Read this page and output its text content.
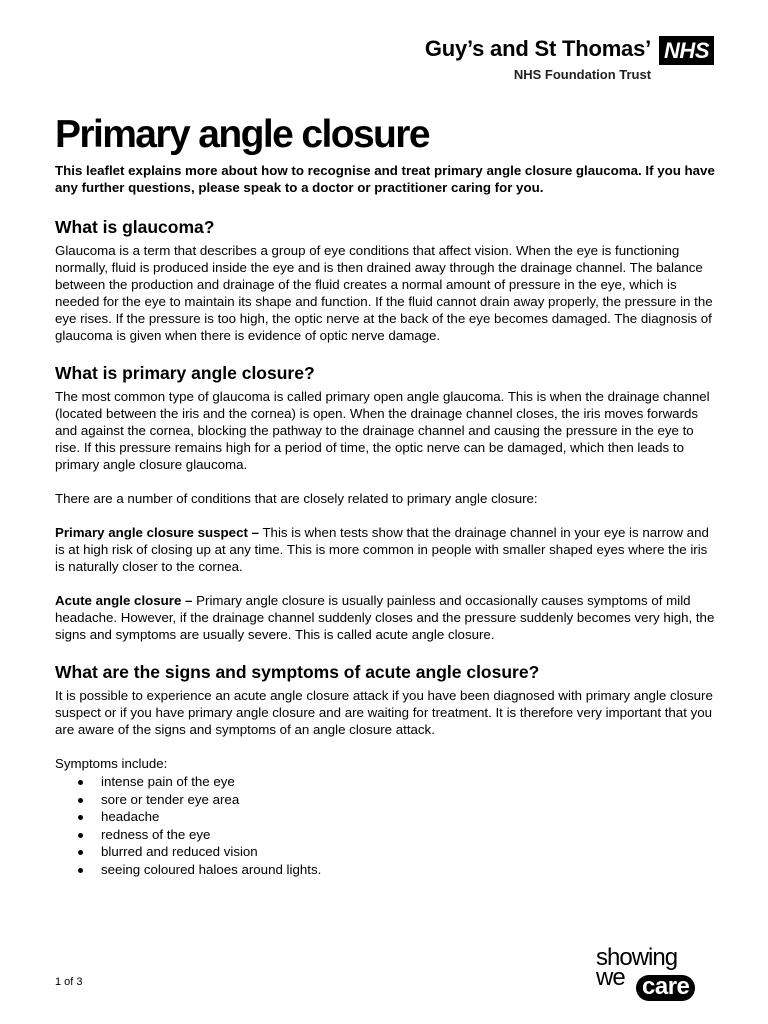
Guy’s and St Thomas’
NHS Foundation Trust
NHS
Primary angle closure

This leaflet explains more about how to recognise and treat primary angle closure glaucoma. If you have any further questions, please speak to a doctor or practitioner caring for you.

What is glaucoma?

Glaucoma is a term that describes a group of eye conditions that affect vision. When the eye is functioning normally, fluid is produced inside the eye and is then drained away through the drainage channel. The balance between the production and drainage of the fluid creates a normal amount of pressure in the eye, which is needed for the eye to maintain its shape and function. If the fluid cannot drain away properly, the pressure in the eye rises. If the pressure is too high, the optic nerve at the back of the eye becomes damaged. The diagnosis of glaucoma is given when there is evidence of optic nerve damage.

What is primary angle closure?

The most common type of glaucoma is called primary open angle glaucoma. This is when the drainage channel (located between the iris and the cornea) is open. When the drainage channel closes, the iris moves forwards and against the cornea, blocking the pathway to the drainage channel and causing the pressure in the eye to rise. If this pressure remains high for a period of time, the optic nerve can be damaged, which then leads to primary angle closure glaucoma.

There are a number of conditions that are closely related to primary angle closure:

Primary angle closure suspect – This is when tests show that the drainage channel in your eye is narrow and is at high risk of closing up at any time. This is more common in people with smaller shaped eyes where the iris is naturally closer to the cornea.

Acute angle closure – Primary angle closure is usually painless and occasionally causes symptoms of mild headache. However, if the drainage channel suddenly closes and the pressure suddenly becomes very high, the signs and symptoms are usually severe. This is called acute angle closure.

What are the signs and symptoms of acute angle closure?

It is possible to experience an acute angle closure attack if you have been diagnosed with primary angle closure suspect or if you have primary angle closure and are waiting for treatment. It is therefore very important that you are aware of the signs and symptoms of an angle closure attack.

Symptoms include:

intense pain of the eye
sore or tender eye area
headache
redness of the eye
blurred and reduced vision
seeing coloured haloes around lights.
1 of 3
showing
we care
